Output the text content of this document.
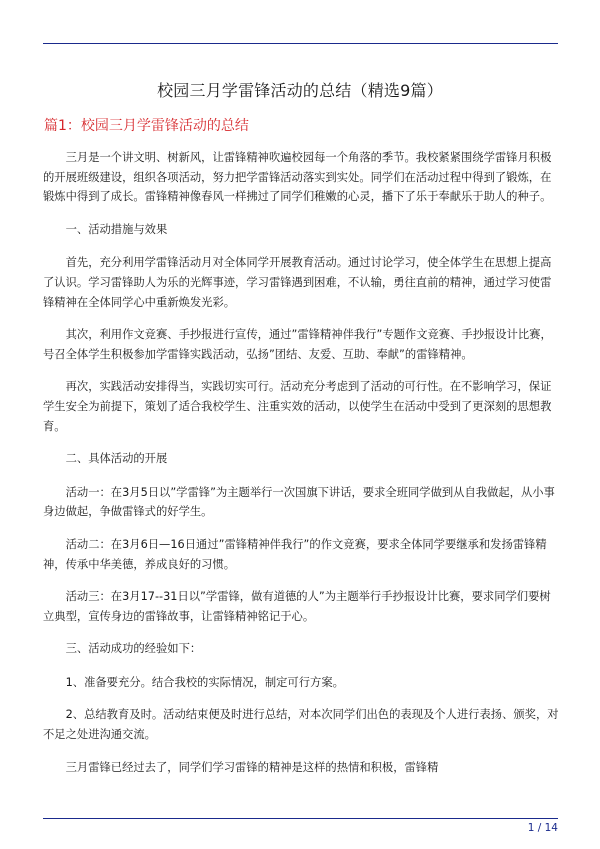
校园三月学雷锋活动的总结（精选9篇）
篇1：校园三月学雷锋活动的总结

三月是一个讲文明、树新风，让雷锋精神吹遍校园每一个角落的季节。我校紧紧围绕学雷锋月积极的开展班级建设，组织各项活动，努力把学雷锋活动落实到实处。同学们在活动过程中得到了锻炼，在锻炼中得到了成长。雷锋精神像春风一样拂过了同学们稚嫩的心灵，播下了乐于奉献乐于助人的种子。

一、活动措施与效果

首先，充分利用学雷锋活动月对全体同学开展教育活动。通过讨论学习，使全体学生在思想上提高了认识。学习雷锋助人为乐的光辉事迹，学习雷锋遇到困难，不认输，勇往直前的精神，通过学习使雷锋精神在全体同学心中重新焕发光彩。

其次，利用作文竞赛、手抄报进行宣传，通过”雷锋精神伴我行”专题作文竞赛、手抄报设计比赛，号召全体学生积极参加学雷锋实践活动，弘扬”团结、友爱、互助、奉献”的雷锋精神。

再次，实践活动安排得当，实践切实可行。活动充分考虑到了活动的可行性。在不影响学习，保证学生安全为前提下，策划了适合我校学生、注重实效的活动，以使学生在活动中受到了更深刻的思想教育。

二、具体活动的开展

活动一：在3月5日以”学雷锋”为主题举行一次国旗下讲话，要求全班同学做到从自我做起，从小事身边做起，争做雷锋式的好学生。

活动二：在3月6日—16日通过”雷锋精神伴我行”的作文竞赛，要求全体同学要继承和发扬雷锋精神，传承中华美德，养成良好的习惯。

活动三：在3月17--31日以”学雷锋，做有道德的人”为主题举行手抄报设计比赛，要求同学们要树立典型，宣传身边的雷锋故事，让雷锋精神铭记于心。

三、活动成功的经验如下：

1、准备要充分。结合我校的实际情况，制定可行方案。

2、总结教育及时。活动结束便及时进行总结，对本次同学们出色的表现及个人进行表扬、颁奖，对不足之处进沟通交流。

三月雷锋已经过去了，同学们学习雷锋的精神是这样的热情和积极，雷锋精

1 / 14
